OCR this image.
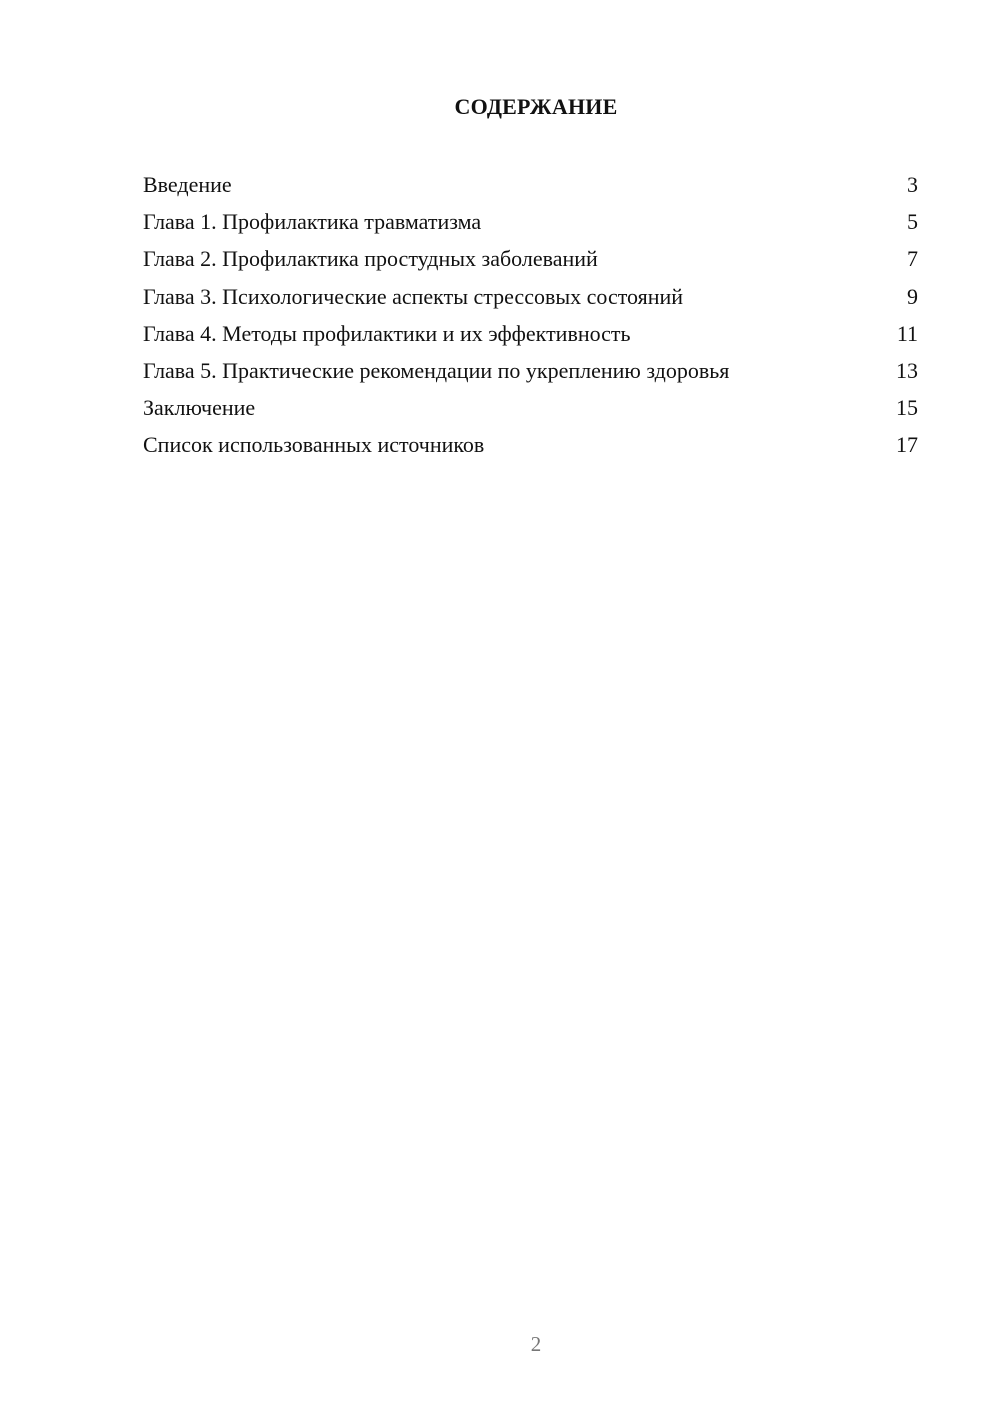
СОДЕРЖАНИЕ
Введение	3
Глава 1. Профилактика травматизма	5
Глава 2. Профилактика простудных заболеваний	7
Глава 3. Психологические аспекты стрессовых состояний	9
Глава 4. Методы профилактики и их эффективность	11
Глава 5. Практические рекомендации по укреплению здоровья	13
Заключение	15
Список использованных источников	17
2
